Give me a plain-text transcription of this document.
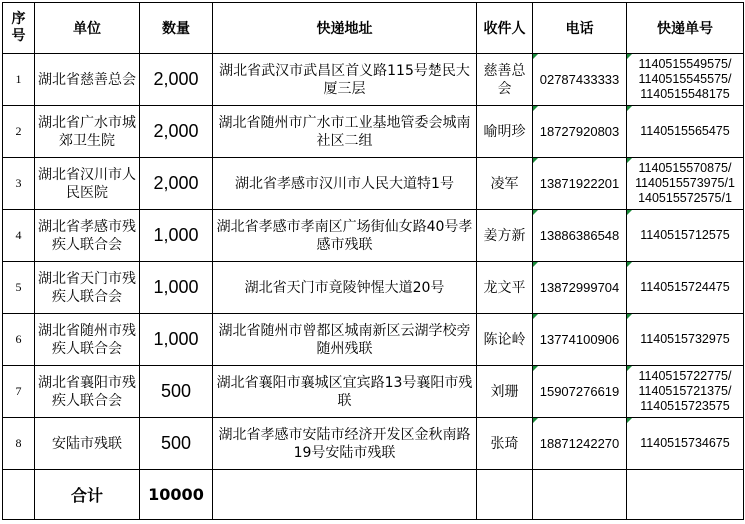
序号	单位	数量	快递地址	收件人	电话	快递单号
1	湖北省慈善总会	2,000	湖北省武汉市武昌区首义路115号楚民大厦三层	慈善总会	02787433333	1140515549575/
1140515545575/
1140515548175

2	湖北省广水市城郊卫生院	2,000	湖北省随州市广水市工业基地管委会城南社区二组	喻明珍	18727920803	1140515565475

3	湖北省汉川市人民医院	2,000	湖北省孝感市汉川市人民大道特1号	凌军	13871922201	1140515570875/
1140515573975/1
140515572575/1

4	湖北省孝感市残疾人联合会	1,000	湖北省孝感市孝南区广场街仙女路40号孝感市残联	姜方新	13886386548	1140515712575

5	湖北省天门市残疾人联合会	1,000	湖北省天门市竟陵钟惺大道20号	龙文平	13872999704	1140515724475

6	湖北省随州市残疾人联合会	1,000	湖北省随州市曾都区城南新区云湖学校旁随州残联	陈论岭	13774100906	1140515732975

7	湖北省襄阳市残疾人联合会	500	湖北省襄阳市襄城区宜宾路13号襄阳市残联	刘珊	15907276619	1140515722775/
1140515721375/
1140515723575

8	安陆市残联	500	湖北省孝感市安陆市经济开发区金秋南路19号安陆市残联	张琦	18871242270	1140515734675

	合计	10000				
